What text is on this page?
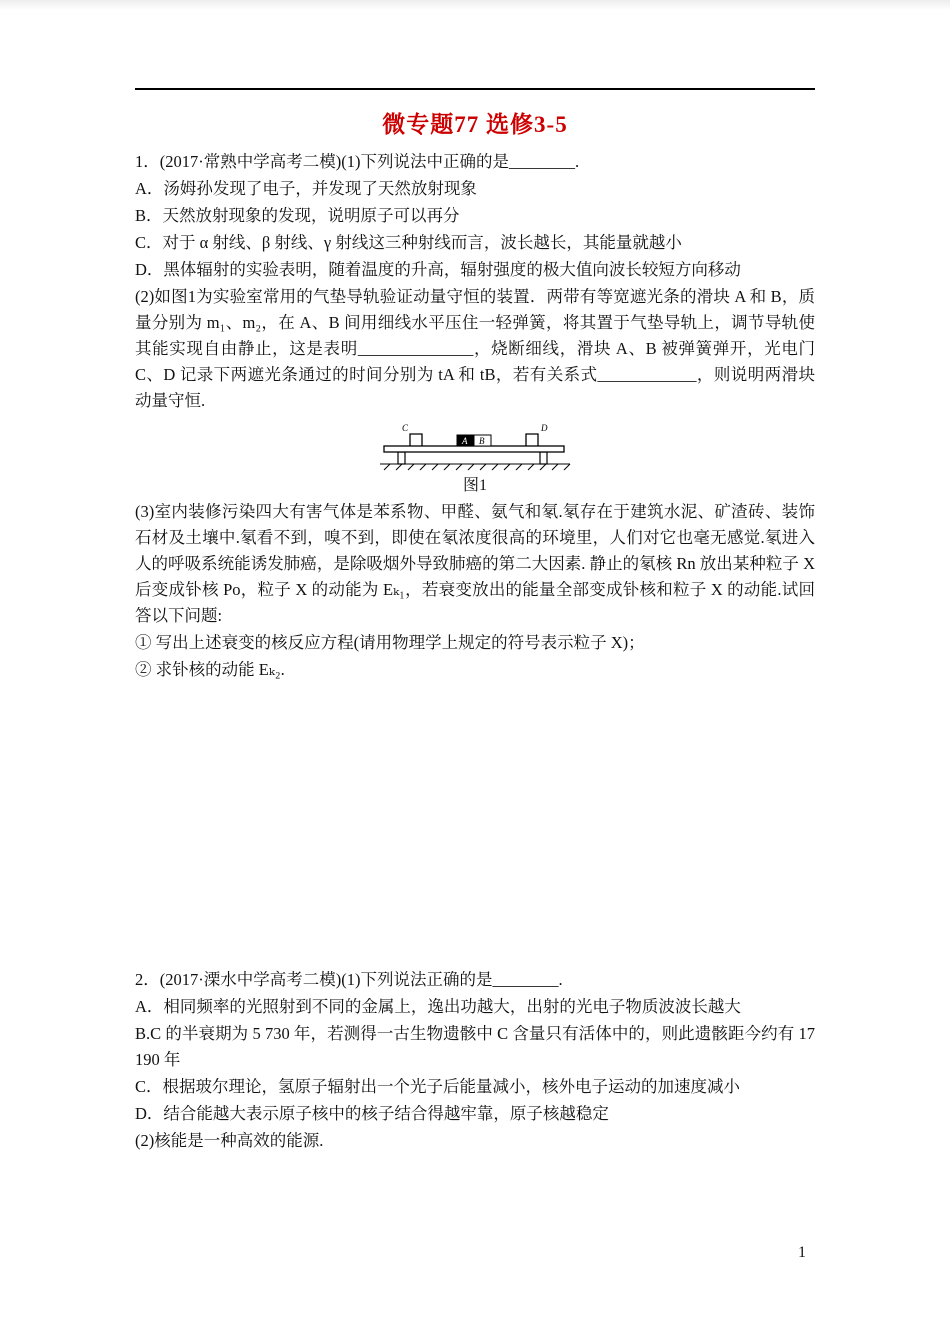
微专题77 选修3-5

1．(2017·常熟中学高考二模)(1)下列说法中正确的是________.

A．汤姆孙发现了电子，并发现了天然放射现象

B．天然放射现象的发现，说明原子可以再分

C．对于 α 射线、β 射线、γ 射线这三种射线而言，波长越长，其能量就越小

D．黑体辐射的实验表明，随着温度的升高，辐射强度的极大值向波长较短方向移动

(2)如图1为实验室常用的气垫导轨验证动量守恒的装置．两带有等宽遮光条的滑块 A 和 B，质量分别为 m₁、m₂，在 A、B 间用细线水平压住一轻弹簧，将其置于气垫导轨上，调节导轨使其能实现自由静止，这是表明______________，烧断细线，滑块 A、B 被弹簧弹开，光电门 C、D 记录下两遮光条通过的时间分别为 tA 和 tB，若有关系式____________，则说明两滑块动量守恒.

C
A B
D
图1

(3)室内装修污染四大有害气体是苯系物、甲醛、氨气和氡.氡存在于建筑水泥、矿渣砖、装饰石材及土壤中.氡看不到，嗅不到，即使在氡浓度很高的环境里，人们对它也毫无感觉.氡进入人的呼吸系统能诱发肺癌，是除吸烟外导致肺癌的第二大因素. 静止的氡核 Rn 放出某种粒子 X 后变成钋核 Po，粒子 X 的动能为 Eₖ₁，若衰变放出的能量全部变成钋核和粒子 X 的动能.试回答以下问题:

① 写出上述衰变的核反应方程(请用物理学上规定的符号表示粒子 X)；

② 求钋核的动能 Eₖ₂.

2．(2017·溧水中学高考二模)(1)下列说法正确的是________.

A．相同频率的光照射到不同的金属上，逸出功越大，出射的光电子物质波波长越大

B.C 的半衰期为 5 730 年，若测得一古生物遗骸中 C 含量只有活体中的，则此遗骸距今约有 17 190 年

C．根据玻尔理论，氢原子辐射出一个光子后能量减小，核外电子运动的加速度减小

D．结合能越大表示原子核中的核子结合得越牢靠，原子核越稳定

(2)核能是一种高效的能源.

1
